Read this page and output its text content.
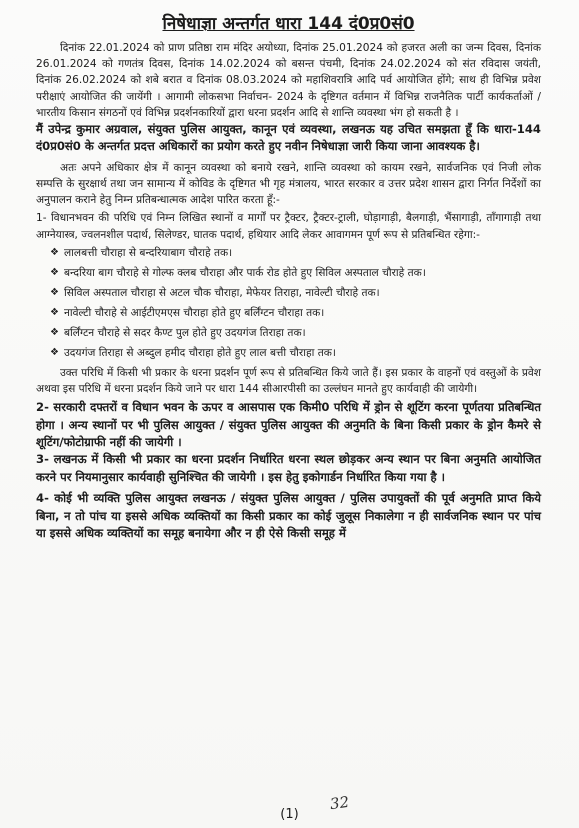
निषेधाज्ञा अन्तर्गत धारा 144 दं0प्र0सं0

दिनांक 22.01.2024 को प्राण प्रतिष्ठा राम मंदिर अयोध्या, दिनांक 25.01.2024 को हजरत अली का जन्म दिवस, दिनांक 26.01.2024 को गणतंत्र दिवस, दिनांक 14.02.2024 को बसन्त पंचमी, दिनांक 24.02.2024 को संत रविदास जयंती, दिनांक 26.02.2024 को शबे बरात व दिनांक 08.03.2024 को महाशिवरात्रि आदि पर्व आयोजित होंगे; साथ ही विभिन्न प्रवेश परीक्षाएं आयोजित की जायेंगी । आगामी लोकसभा निर्वाचन- 2024 के दृष्टिगत वर्तमान में विभिन्न राजनैतिक पार्टी कार्यकर्ताओं / भारतीय किसान संगठनों एवं विभिन्न प्रदर्शनकारियों द्वारा धरना प्रदर्शन आदि से शान्ति व्यवस्था भंग हो सकती है ।

मैं उपेन्द्र कुमार अग्रवाल, संयुक्त पुलिस आयुक्त, कानून एवं व्यवस्था, लखनऊ यह उचित समझता हूँ कि धारा-144 दं0प्र0सं0 के अन्तर्गत प्रदत्त अधिकारों का प्रयोग करते हुए नवीन निषेधाज्ञा जारी किया जाना आवश्यक है।

अतः अपने अधिकार क्षेत्र में कानून व्यवस्था को बनाये रखने, शान्ति व्यवस्था को कायम रखने, सार्वजनिक एवं निजी लोक सम्पत्ति के सुरक्षार्थ तथा जन सामान्य में कोविड के दृष्टिगत भी गृह मंत्रालय, भारत सरकार व उत्तर प्रदेश शासन द्वारा निर्गत निर्देशों का अनुपालन कराने हेतु निम्न प्रतिबन्धात्मक आदेश पारित करता हूँ:-

1- विधानभवन की परिधि एवं निम्न लिखित स्थानों व मार्गों पर ट्रैक्टर, ट्रैक्टर-ट्राली, घोड़ागाड़ी, बैलगाड़ी, भैंसागाड़ी, ताँगागाड़ी तथा आग्नेयास्त्र, ज्वलनशील पदार्थ, सिलेण्डर, घातक पदार्थ, हथियार आदि लेकर आवागमन पूर्ण रूप से प्रतिबन्धित रहेगा:-

❖ लालबत्ती चौराहा से बन्दरियाबाग चौराहे तक।
❖ बन्दरिया बाग चौराहे से गोल्फ क्लब चौराहा और पार्क रोड होते हुए सिविल अस्पताल चौराहे तक।
❖ सिविल अस्पताल चौराहा से अटल चौक चौराहा, मेफेयर तिराहा, नावेल्टी चौराहे तक।
❖ नावेल्टी चौराहे से आईटीएमएस चौराहा होते हुए बर्लिंग्टन चौराहा तक।
❖ बर्लिंग्टन चौराहे से सदर कैण्ट पुल होते हुए उदयगंज तिराहा तक।
❖ उदयगंज तिराहा से अब्दुल हमीद चौराहा होते हुए लाल बत्ती चौराहा तक।

उक्त परिधि में किसी भी प्रकार के धरना प्रदर्शन पूर्ण रूप से प्रतिबन्धित किये जाते हैं। इस प्रकार के वाहनों एवं वस्तुओं के प्रवेश अथवा इस परिधि में धरना प्रदर्शन किये जाने पर धारा 144 सीआरपीसी का उल्लंघन मानते हुए कार्यवाही की जायेगी।

2- सरकारी दफ्तरों व विधान भवन के ऊपर व आसपास एक किमी0 परिधि में ड्रोन से शूटिंग करना पूर्णतया प्रतिबन्धित होगा । अन्य स्थानों पर भी पुलिस आयुक्त / संयुक्त पुलिस आयुक्त की अनुमति के बिना किसी प्रकार के ड्रोन कैमरे से शूटिंग/फोटोग्राफी नहीं की जायेगी ।

3- लखनऊ में किसी भी प्रकार का धरना प्रदर्शन निर्धारित धरना स्थल छोड़कर अन्य स्थान पर बिना अनुमति आयोजित करने पर नियमानुसार कार्यवाही सुनिश्चित की जायेगी । इस हेतु इकोगार्डन निर्धारित किया गया है ।

4- कोई भी व्यक्ति पुलिस आयुक्त लखनऊ / संयुक्त पुलिस आयुक्त / पुलिस उपायुक्तों की पूर्व अनुमति प्राप्त किये बिना, न तो पांच या इससे अधिक व्यक्तियों का किसी प्रकार का कोई जुलूस निकालेगा न ही सार्वजनिक स्थान पर पांच या इससे अधिक व्यक्तियों का समूह बनायेगा और न ही ऐसे किसी समूह में

32
(1)
